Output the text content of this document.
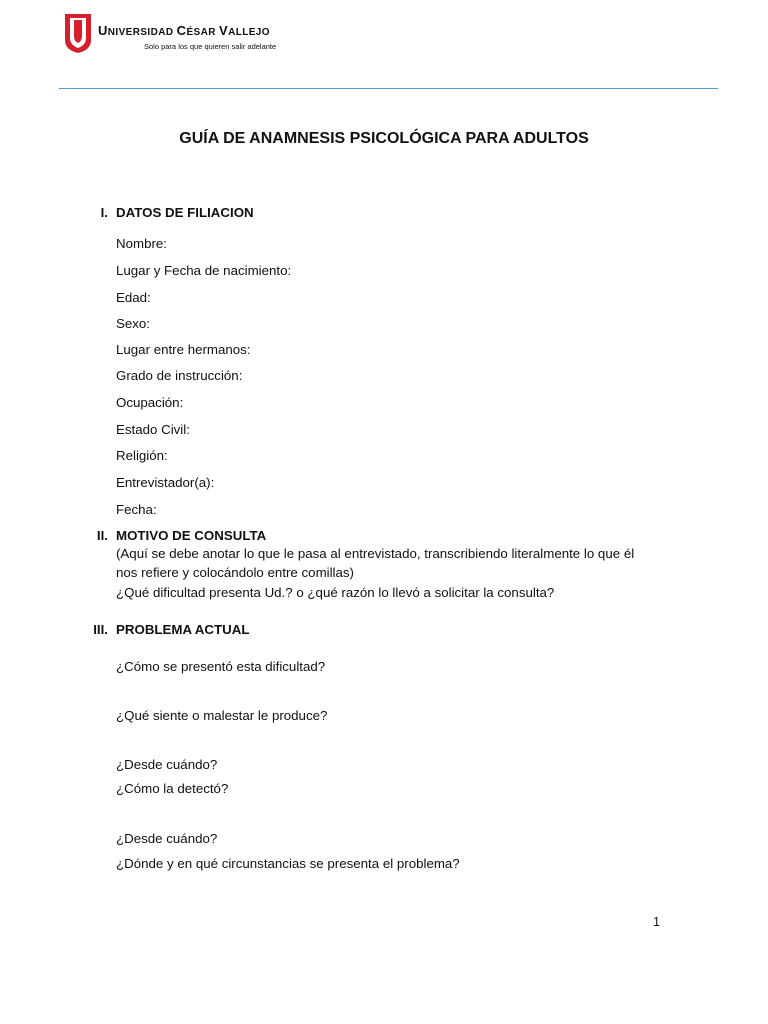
UNIVERSIDAD CÉSAR VALLEJO
Solo para los que quieren salir adelante
GUÍA DE ANAMNESIS PSICOLÓGICA PARA ADULTOS
I. DATOS DE FILIACION
Nombre:
Lugar y Fecha de nacimiento:
Edad:
Sexo:
Lugar entre hermanos:
Grado de instrucción:
Ocupación:
Estado Civil:
Religión:
Entrevistador(a):
Fecha:
II. MOTIVO DE CONSULTA
(Aquí se debe anotar lo que le pasa al entrevistado, transcribiendo literalmente lo que él
nos refiere y colocándolo entre comillas)
¿Qué dificultad presenta Ud.? o ¿qué razón lo llevó a solicitar la consulta?
III. PROBLEMA ACTUAL
¿Cómo se presentó esta dificultad?
¿Qué siente o malestar le produce?
¿Desde cuándo?
¿Cómo la detectó?
¿Desde cuándo?
¿Dónde y en qué circunstancias se presenta el problema?
1
